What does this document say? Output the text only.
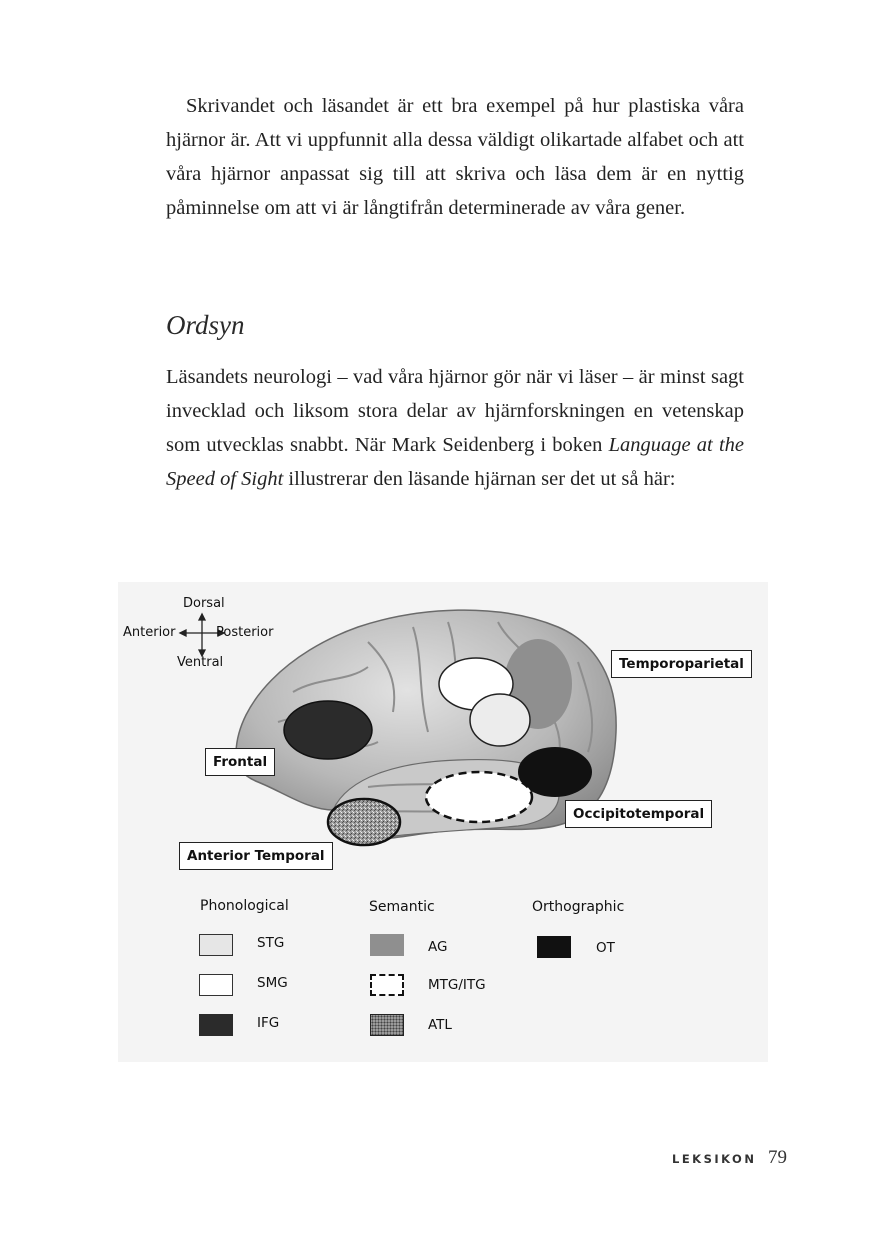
Skrivandet och läsandet är ett bra exempel på hur plastiska våra hjärnor är. Att vi uppfunnit alla dessa väldigt olikartade alfabet och att våra hjärnor anpassat sig till att skriva och läsa dem är en nyttig påminnelse om att vi är långtifrån determinerade av våra gener.

Ordsyn

Läsandets neurologi – vad våra hjärnor gör när vi läser – är minst sagt invecklad och liksom stora delar av hjärnforskningen en vetenskap som utvecklas snabbt. När Mark Seidenberg i boken Language at the Speed of Sight illustrerar den läsande hjärnan ser det ut så här:

Dorsal
Anterior	Posterior
Ventral	Temporoparietal
Frontal
Occipitotemporal
Anterior Temporal
Phonological
STG
SMG
IFG
Semantic
AG
MTG/ITG
ATL
Orthographic
OT
LEKSIKON 79
